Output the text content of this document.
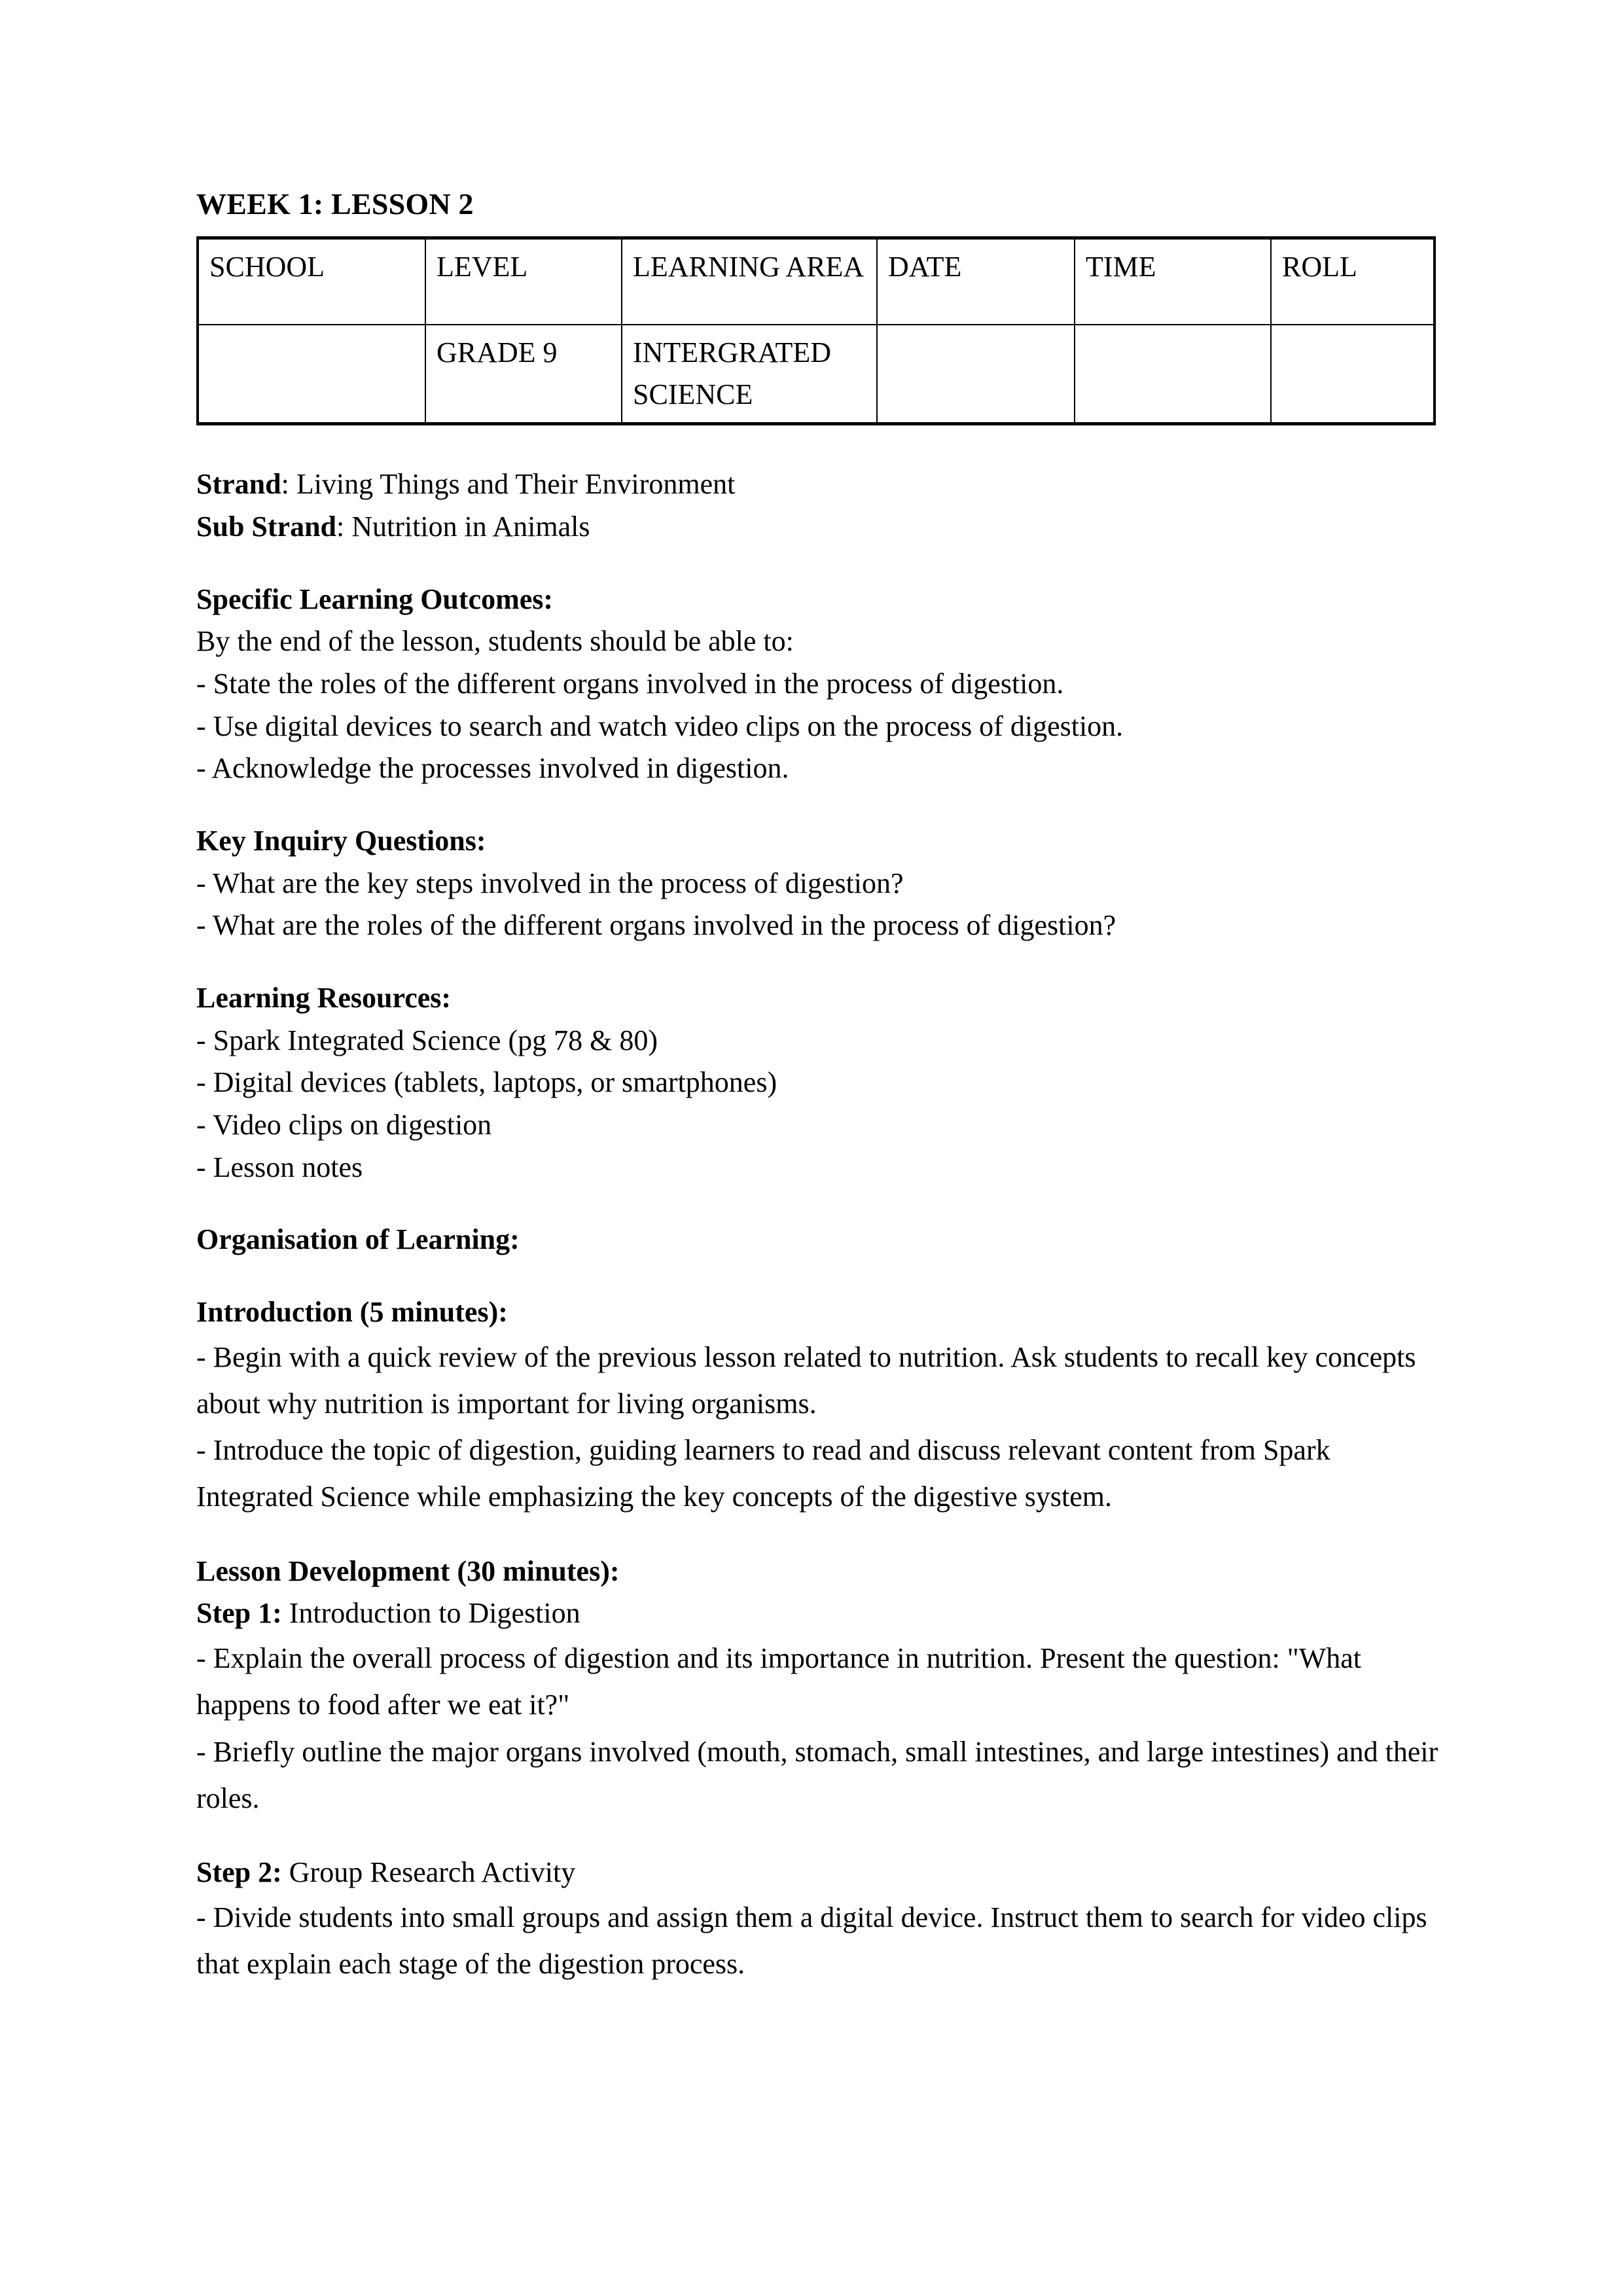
WEEK 1: LESSON 2
SCHOOL	LEVEL	LEARNING AREA	DATE	TIME	ROLL
	GRADE 9	INTERGRATED SCIENCE			

Strand: Living Things and Their Environment

Sub Strand: Nutrition in Animals

Specific Learning Outcomes:

By the end of the lesson, students should be able to:

- State the roles of the different organs involved in the process of digestion.

- Use digital devices to search and watch video clips on the process of digestion.

- Acknowledge the processes involved in digestion.

Key Inquiry Questions:

- What are the key steps involved in the process of digestion?

- What are the roles of the different organs involved in the process of digestion?

Learning Resources:

- Spark Integrated Science (pg 78 & 80)

- Digital devices (tablets, laptops, or smartphones)

- Video clips on digestion

- Lesson notes

Organisation of Learning:

Introduction (5 minutes):

- Begin with a quick review of the previous lesson related to nutrition. Ask students to recall key concepts about why nutrition is important for living organisms.

- Introduce the topic of digestion, guiding learners to read and discuss relevant content from Spark Integrated Science while emphasizing the key concepts of the digestive system.

Lesson Development (30 minutes):

Step 1: Introduction to Digestion

- Explain the overall process of digestion and its importance in nutrition. Present the question: "What happens to food after we eat it?"

- Briefly outline the major organs involved (mouth, stomach, small intestines, and large intestines) and their roles.

Step 2: Group Research Activity

- Divide students into small groups and assign them a digital device. Instruct them to search for video clips that explain each stage of the digestion process.
